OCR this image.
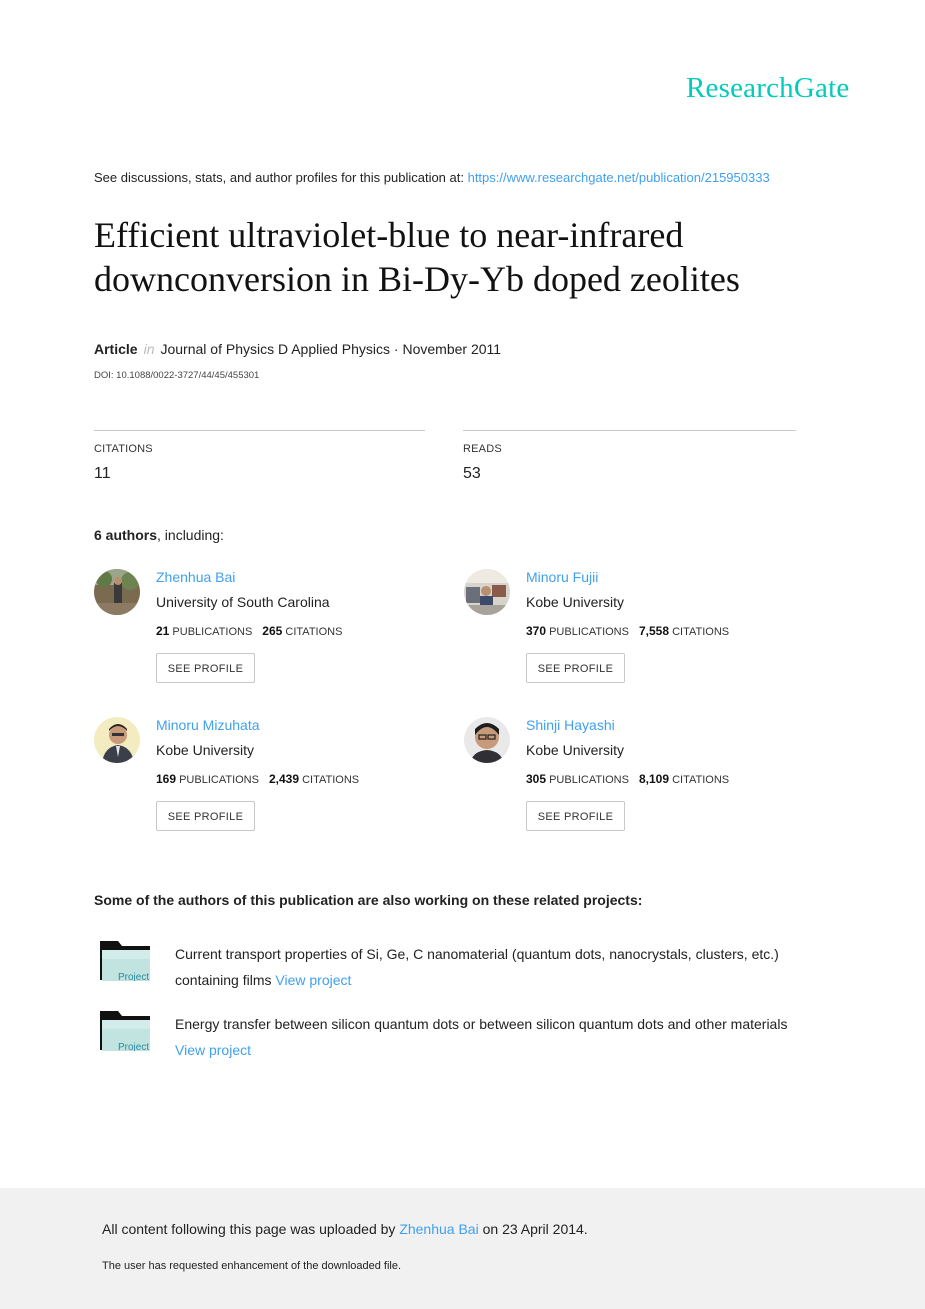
ResearchGate
See discussions, stats, and author profiles for this publication at: https://www.researchgate.net/publication/215950333
Efficient ultraviolet-blue to near-infrared
downconversion in Bi-Dy-Yb doped zeolites
Article in Journal of Physics D Applied Physics · November 2011
DOI: 10.1088/0022-3727/44/45/455301
CITATIONS
11
READS
53
6 authors, including:
Zhenhua Bai
University of South Carolina
21 PUBLICATIONS 265 CITATIONS
SEE PROFILE
Minoru Fujii
Kobe University
370 PUBLICATIONS 7,558 CITATIONS
SEE PROFILE
Minoru Mizuhata
Kobe University
169 PUBLICATIONS 2,439 CITATIONS
SEE PROFILE
Shinji Hayashi
Kobe University
305 PUBLICATIONS 8,109 CITATIONS
SEE PROFILE
Some of the authors of this publication are also working on these related projects:
Project
Current transport properties of Si, Ge, C nanomaterial (quantum dots, nanocrystals, clusters, etc.)
containing films View project
Project
Energy transfer between silicon quantum dots or between silicon quantum dots and other materials
View project
All content following this page was uploaded by Zhenhua Bai on 23 April 2014.
The user has requested enhancement of the downloaded file.
